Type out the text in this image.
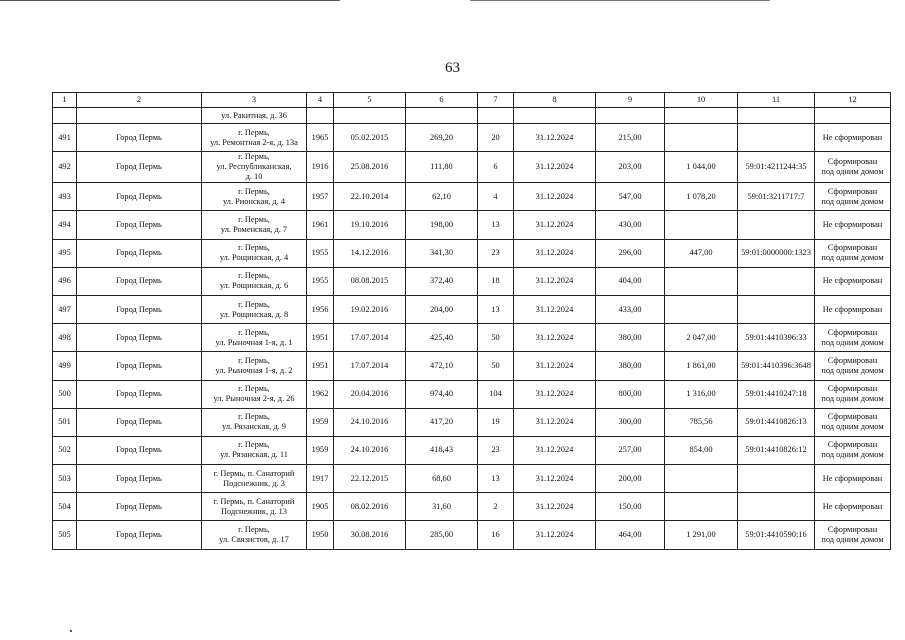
63
1	2	3	4	5	6	7	8	9	10	11	12
		ул. Ракитная, д. 36									
491	Город Пермь	г. Пермь,
ул. Ремонтная 2-я, д. 13а	1965	05.02.2015	269,20	20	31.12.2024	215,00			Не сформирован

492	Город Пермь	г. Пермь,
ул. Республиканская,
д. 10	1916	25.08.2016	111,80	6	31.12.2024	203,00	1 044,00	59:01:4211244:35	Сформирован
под одним домом

493	Город Пермь	г. Пермь,
ул. Рионская, д. 4	1957	22.10.2014	62,10	4	31.12.2024	547,00	1 078,20	59:01:3211717:7	Сформирован
под одним домом

494	Город Пермь	г. Пермь,
ул. Роменская, д. 7	1961	19.10.2016	198,00	13	31.12.2024	430,00			Не сформирован

495	Город Пермь	г. Пермь,
ул. Рощинская, д. 4	1955	14.12.2016	341,30	23	31.12.2024	296,00	447,00	59:01:0000000:1323	Сформирован
под одним домом

496	Город Пермь	г. Пермь,
ул. Рощинская, д. 6	1955	08.08.2015	372,40	18	31.12.2024	404,00			Не сформирован

497	Город Пермь	г. Пермь,
ул. Рощинская, д. 8	1956	19.02.2016	204,00	13	31.12.2024	433,00			Не сформирован

498	Город Пермь	г. Пермь,
ул. Рыночная 1-я, д. 1	1951	17.07.2014	425,40	50	31.12.2024	380,00	2 047,00	59:01:4410396:33	Сформирован
под одним домом

499	Город Пермь	г. Пермь,
ул. Рыночная 1-я, д. 2	1951	17.07.2014	472,10	50	31.12.2024	380,00	1 861,00	59:01:4410396:3648	Сформирован
под одним домом

500	Город Пермь	г. Пермь,
ул. Рыночная 2-я, д. 26	1962	20.04.2016	974,40	104	31.12.2024	800,00	1 316,00	59:01:4410247:18	Сформирован
под одним домом

501	Город Пермь	г. Пермь,
ул. Рязанская, д. 9	1959	24.10.2016	417,20	19	31.12.2024	300,00	785,56	59:01:4410826:13	Сформирован
под одним домом

502	Город Пермь	г. Пермь,
ул. Рязанская, д. 11	1959	24.10.2016	418,43	23	31.12.2024	257,00	854,00	59:01:4410826:12	Сформирован
под одним домом

503	Город Пермь	г. Пермь, п. Санаторий
Подснежник, д. 3	1917	22.12.2015	68,60	13	31.12.2024	200,00			Не сформирован

504	Город Пермь	г. Пермь, п. Санаторий
Подснежник, д. 13	1905	08.02.2016	31,60	2	31.12.2024	150,00			Не сформирован

505	Город Пермь	г. Пермь,
ул. Связистов, д. 17	1950	30.08.2016	285,00	16	31.12.2024	464,00	1 291,00	59:01:4410590:16	Сформирован
под одним домом
